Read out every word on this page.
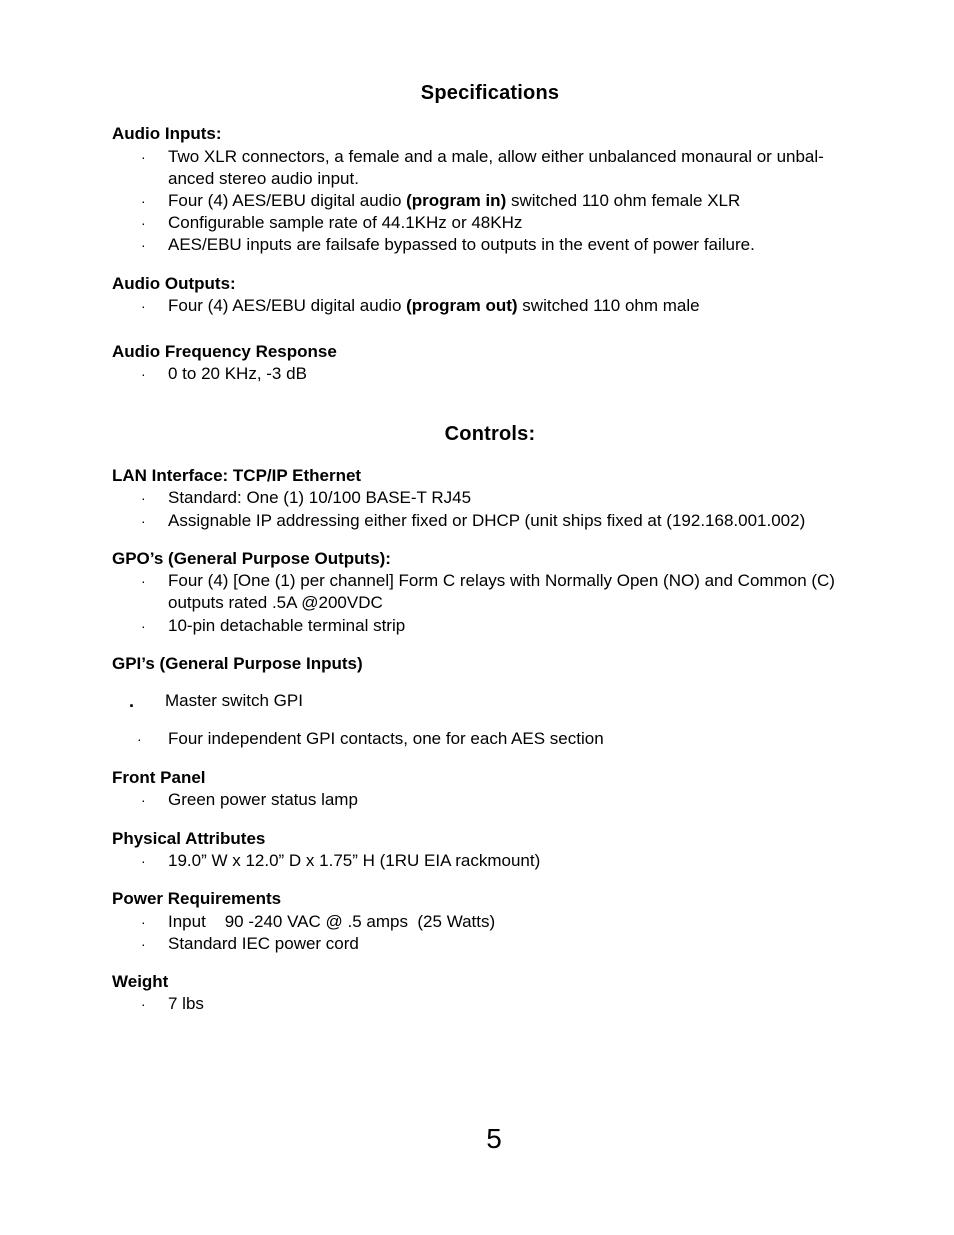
Specifications
Audio Inputs:
· Two XLR connectors, a female and a male, allow either unbalanced monaural or unbal-anced stereo audio input.
· Four (4) AES/EBU digital audio (program in) switched 110 ohm female XLR
· Configurable sample rate of 44.1KHz or 48KHz
· AES/EBU inputs are failsafe bypassed to outputs in the event of power failure.
Audio Outputs:
· Four (4) AES/EBU digital audio (program out) switched 110 ohm male
Audio Frequency Response
· 0 to 20 KHz, -3 dB
Controls:
LAN Interface: TCP/IP Ethernet
· Standard: One (1) 10/100 BASE-T RJ45
· Assignable IP addressing either fixed or DHCP (unit ships fixed at (192.168.001.002)
GPO’s (General Purpose Outputs):
· Four (4) [One (1) per channel] Form C relays with Normally Open (NO) and Common (C) outputs rated .5A @200VDC
· 10-pin detachable terminal strip
GPI’s (General Purpose Inputs)
. Master switch GPI
· Four independent GPI contacts, one for each AES section
Front Panel
· Green power status lamp
Physical Attributes
· 19.0” W x 12.0” D x 1.75” H (1RU EIA rackmount)
Power Requirements
· Input    90 -240 VAC @ .5 amps  (25 Watts)
· Standard IEC power cord
Weight
· 7 lbs
5
